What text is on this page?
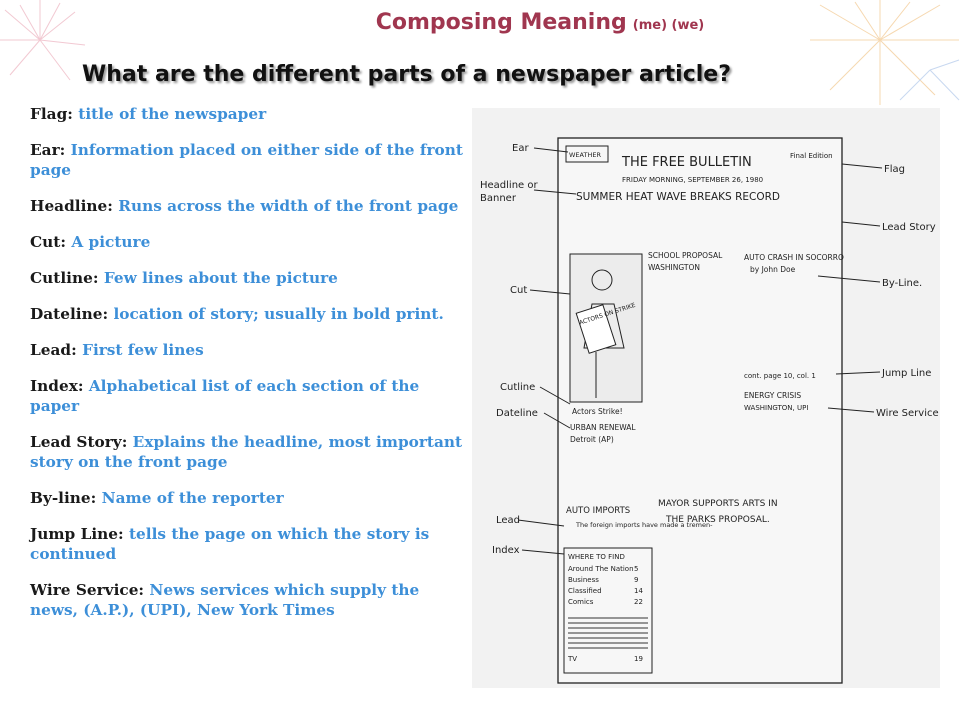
Composing Meaning (me) (we)
What are the different parts of a newspaper article?
Flag: title of the newspaper
Ear: Information placed on either side of the front page
Headline: Runs across the width of the front page
Cut: A picture
Cutline: Few lines about the picture
Dateline: location of story; usually in bold print.
Lead: First few lines
Index: Alphabetical list of each section of the paper
Lead Story: Explains the headline, most important story on the front page
By-line: Name of the reporter
Jump Line: tells the page on which the story is continued
Wire Service: News services which supply the news, (A.P.), (UPI), New York Times
WEATHER THE FREE BULLETIN	Final Edition
FRIDAY MORNING, SEPTEMBER 26, 1980
SUMMER HEAT WAVE BREAKS RECORD
ACTORS ON STRIKE
Actors Strike!
SCHOOL PROPOSAL
WASHINGTON
AUTO CRASH IN SOCORRO
by John Doe
URBAN RENEWAL
Detroit (AP)
cont. page 10, col. 1
ENERGY CRISIS
WASHINGTON, UPI
AUTO IMPORTS
The foreign imports have made a tremen-
MAYOR SUPPORTS ARTS IN
THE PARKS PROPOSAL.
WHERE TO FIND
Around The Nation 5
Business	9
Classified	14
Comics	22
TV	19
Ear
Headline or
Banner
Cut
Cutline
Dateline
Lead
Index
Flag
Lead Story
By-Line.
Jump Line
Wire Service
